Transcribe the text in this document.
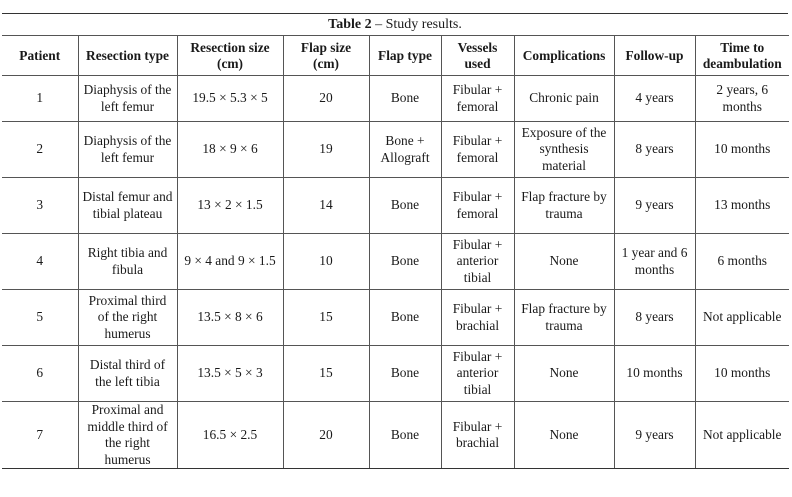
Table 2 – Study results.
Patient	Resection type	Resection size (cm)	Flap size (cm)	Flap type	Vessels used	Complications	Follow-up	Time to deambulation
1	Diaphysis of the left femur	19.5 × 5.3 × 5	20	Bone	Fibular + femoral	Chronic pain	4 years	2 years, 6 months
2	Diaphysis of the left femur	18 × 9 × 6	19	Bone + Allograft	Fibular + femoral	Exposure of the synthesis material	8 years	10 months
3	Distal femur and tibial plateau	13 × 2 × 1.5	14	Bone	Fibular + femoral	Flap fracture by trauma	9 years	13 months
4	Right tibia and fibula	9 × 4 and 9 × 1.5	10	Bone	Fibular + anterior tibial	None	1 year and 6 months	6 months
5	Proximal third of the right humerus	13.5 × 8 × 6	15	Bone	Fibular + brachial	Flap fracture by trauma	8 years	Not applicable
6	Distal third of the left tibia	13.5 × 5 × 3	15	Bone	Fibular + anterior tibial	None	10 months	10 months
7	Proximal and middle third of the right humerus	16.5 × 2.5	20	Bone	Fibular + brachial	None	9 years	Not applicable
